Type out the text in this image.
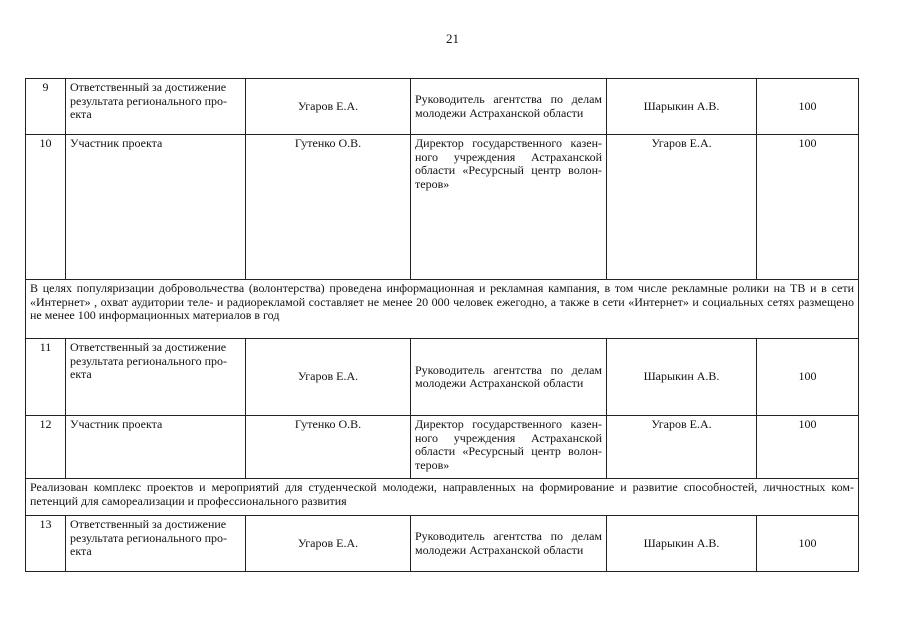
21
9	Ответственный за достижение результата регионального про-екта	Угаров Е.А.	Руководитель агентства по делам молодежи Астраханской области	Шарыкин А.В.	100
10	Участник проекта	Гутенко О.В.	Директор государственного казен-ного учреждения Астраханской области «Ресурсный центр волон-теров»	Угаров Е.А.	100
В целях популяризации добровольчества (волонтерства) проведена информационная и рекламная кампания, в том числе рекламные ролики на ТВ и в сети «Интернет» , охват аудитории теле- и радиорекламой составляет не менее 20 000 человек ежегодно, а также в сети «Интернет» и социальных сетях размещено не менее 100 информационных материалов в год					
11	Ответственный за достижение результата регионального про-екта	Угаров Е.А.	Руководитель агентства по делам молодежи Астраханской области	Шарыкин А.В.	100
12	Участник проекта	Гутенко О.В.	Директор государственного казен-ного учреждения Астраханской области «Ресурсный центр волон-теров»	Угаров Е.А.	100
Реализован комплекс проектов и мероприятий для студенческой молодежи, направленных на формирование и развитие способностей, личностных ком-петенций для самореализации и профессионального развития					
13	Ответственный за достижение результата регионального про-екта	Угаров Е.А.	Руководитель агентства по делам молодежи Астраханской области	Шарыкин А.В.	100
